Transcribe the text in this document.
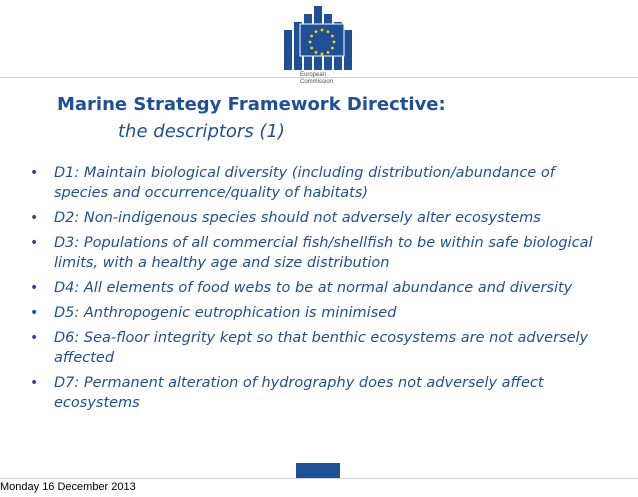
European
Commission
Marine Strategy Framework Directive:
the descriptors (1)
• D1: Maintain biological diversity (including distribution/abundance of species and occurrence/quality of habitats)
• D2: Non-indigenous species should not adversely alter ecosystems
• D3: Populations of all commercial fish/shellfish to be within safe biological limits, with a healthy age and size distribution
• D4: All elements of food webs to be at normal abundance and diversity
• D5: Anthropogenic eutrophication is minimised
• D6: Sea-floor integrity kept so that benthic ecosystems are not adversely affected
• D7: Permanent alteration of hydrography does not adversely affect ecosystems
Monday 16 December 2013
